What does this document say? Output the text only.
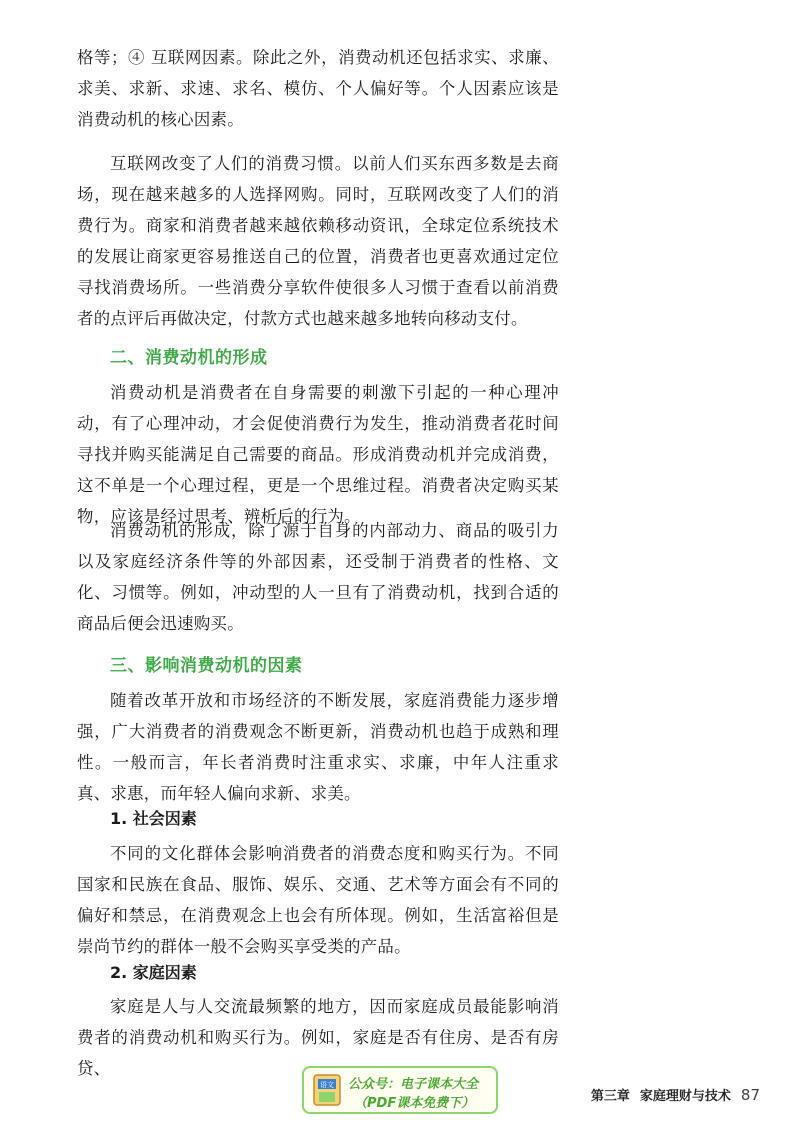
格等；④ 互联网因素。除此之外，消费动机还包括求实、求廉、求美、求新、求速、求名、模仿、个人偏好等。个人因素应该是消费动机的核心因素。

互联网改变了人们的消费习惯。以前人们买东西多数是去商场，现在越来越多的人选择网购。同时，互联网改变了人们的消费行为。商家和消费者越来越依赖移动资讯，全球定位系统技术的发展让商家更容易推送自己的位置，消费者也更喜欢通过定位寻找消费场所。一些消费分享软件使很多人习惯于查看以前消费者的点评后再做决定，付款方式也越来越多地转向移动支付。

二、消费动机的形成

消费动机是消费者在自身需要的刺激下引起的一种心理冲动，有了心理冲动，才会促使消费行为发生，推动消费者花时间寻找并购买能满足自己需要的商品。形成消费动机并完成消费，这不单是一个心理过程，更是一个思维过程。消费者决定购买某物，应该是经过思考、辨析后的行为。

消费动机的形成，除了源于自身的内部动力、商品的吸引力以及家庭经济条件等的外部因素，还受制于消费者的性格、文化、习惯等。例如，冲动型的人一旦有了消费动机，找到合适的商品后便会迅速购买。

三、影响消费动机的因素

随着改革开放和市场经济的不断发展，家庭消费能力逐步增强，广大消费者的消费观念不断更新，消费动机也趋于成熟和理性。一般而言，年长者消费时注重求实、求廉，中年人注重求真、求惠，而年轻人偏向求新、求美。

1. 社会因素

不同的文化群体会影响消费者的消费态度和购买行为。不同国家和民族在食品、服饰、娱乐、交通、艺术等方面会有不同的偏好和禁忌，在消费观念上也会有所体现。例如，生活富裕但是崇尚节约的群体一般不会购买享受类的产品。

2. 家庭因素

家庭是人与人交流最频繁的地方，因而家庭成员最能影响消费者的消费动机和购买行为。例如，家庭是否有住房、是否有房贷、

语文 公众号：电子课本大全
（PDF课本免费下）	第三章 家庭理财与技术 87
